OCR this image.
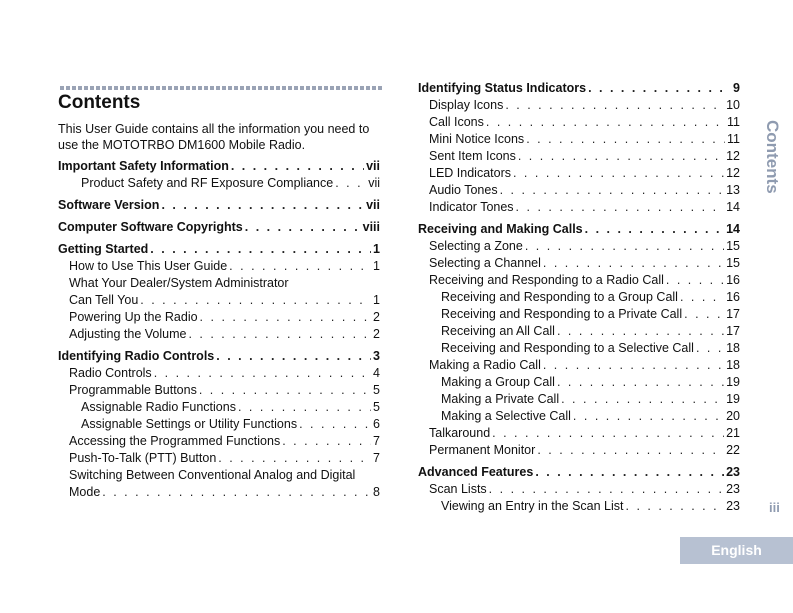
Contents

This User Guide contains all the information you need to use the MOTOTRBO DM1600 Mobile Radio.

Important Safety Information . . .	vii
Product Safety and RF Exposure Compliance . . .	vii
Software Version . . .	vii
Computer Software Copyrights . . .	viii
Getting Started . . .	1
How to Use This User Guide . . .	1
What Your Dealer/System Administrator
Can Tell You . . .	1
Powering Up the Radio . . .	2
Adjusting the Volume . . .	2
Identifying Radio Controls . . .	3
Radio Controls . . .	4
Programmable Buttons . . .	5
Assignable Radio Functions . . .	5
Assignable Settings or Utility Functions . . .	6
Accessing the Programmed Functions . . .	7
Push-To-Talk (PTT) Button . . .	7
Switching Between Conventional Analog and Digital
Mode . . .	8
Identifying Status Indicators . . .	9
Display Icons . . .	10
Call Icons . . .	11
Mini Notice Icons . . .	11
Sent Item Icons . . .	12
LED Indicators . . .	12
Audio Tones . . .	13
Indicator Tones . . .	14
Receiving and Making Calls . . .	14
Selecting a Zone . . .	15
Selecting a Channel . . .	15
Receiving and Responding to a Radio Call . . .	16
Receiving and Responding to a Group Call . . .	16
Receiving and Responding to a Private Call . . .	17
Receiving an All Call . . .	17
Receiving and Responding to a Selective Call . . .	18
Making a Radio Call . . .	18
Making a Group Call . . .	19
Making a Private Call . . .	19
Making a Selective Call . . .	20
Talkaround . . .	21
Permanent Monitor . . .	22
Advanced Features . . .	23
Scan Lists . . .	23
Viewing an Entry in the Scan List . . .	23
Contents
iii
English
